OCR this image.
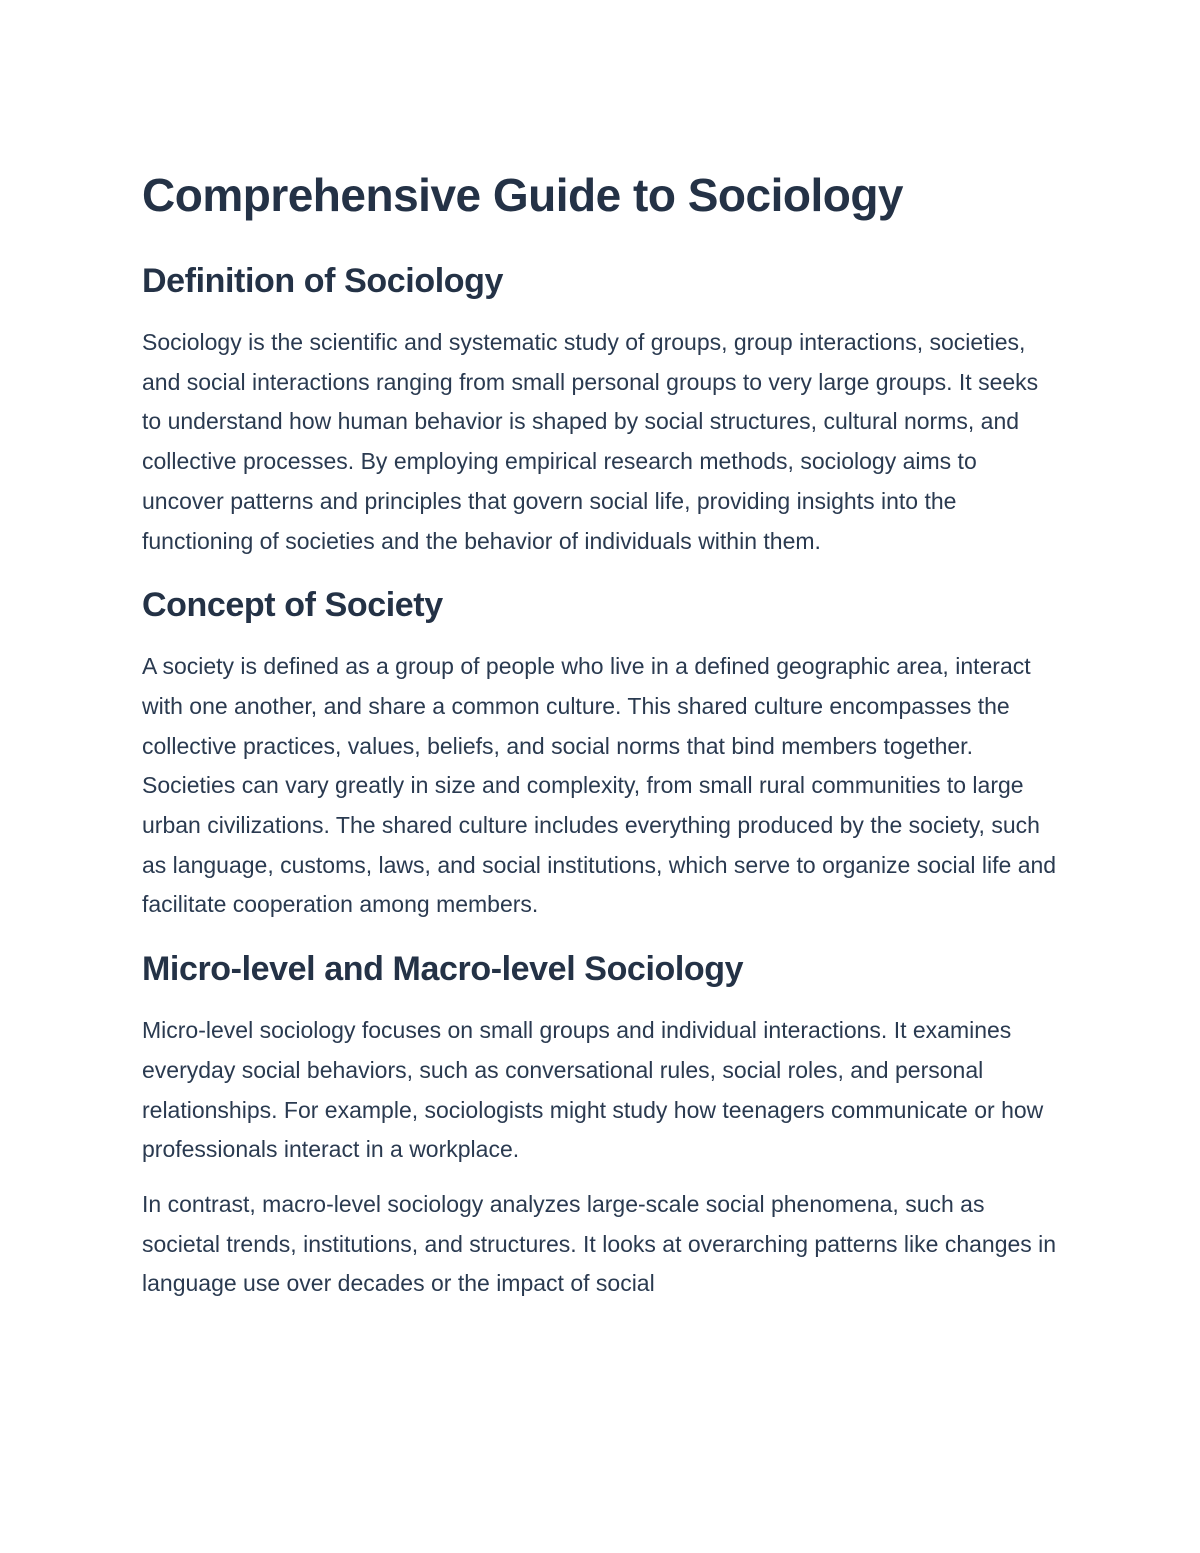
Comprehensive Guide to Sociology
Definition of Sociology

Sociology is the scientific and systematic study of groups, group interactions, societies, and social interactions ranging from small personal groups to very large groups. It seeks to understand how human behavior is shaped by social structures, cultural norms, and collective processes. By employing empirical research methods, sociology aims to uncover patterns and principles that govern social life, providing insights into the functioning of societies and the behavior of individuals within them.

Concept of Society

A society is defined as a group of people who live in a defined geographic area, interact with one another, and share a common culture. This shared culture encompasses the collective practices, values, beliefs, and social norms that bind members together. Societies can vary greatly in size and complexity, from small rural communities to large urban civilizations. The shared culture includes everything produced by the society, such as language, customs, laws, and social institutions, which serve to organize social life and facilitate cooperation among members.

Micro-level and Macro-level Sociology

Micro-level sociology focuses on small groups and individual interactions. It examines everyday social behaviors, such as conversational rules, social roles, and personal relationships. For example, sociologists might study how teenagers communicate or how professionals interact in a workplace.

In contrast, macro-level sociology analyzes large-scale social phenomena, such as societal trends, institutions, and structures. It looks at overarching patterns like changes in language use over decades or the impact of social
